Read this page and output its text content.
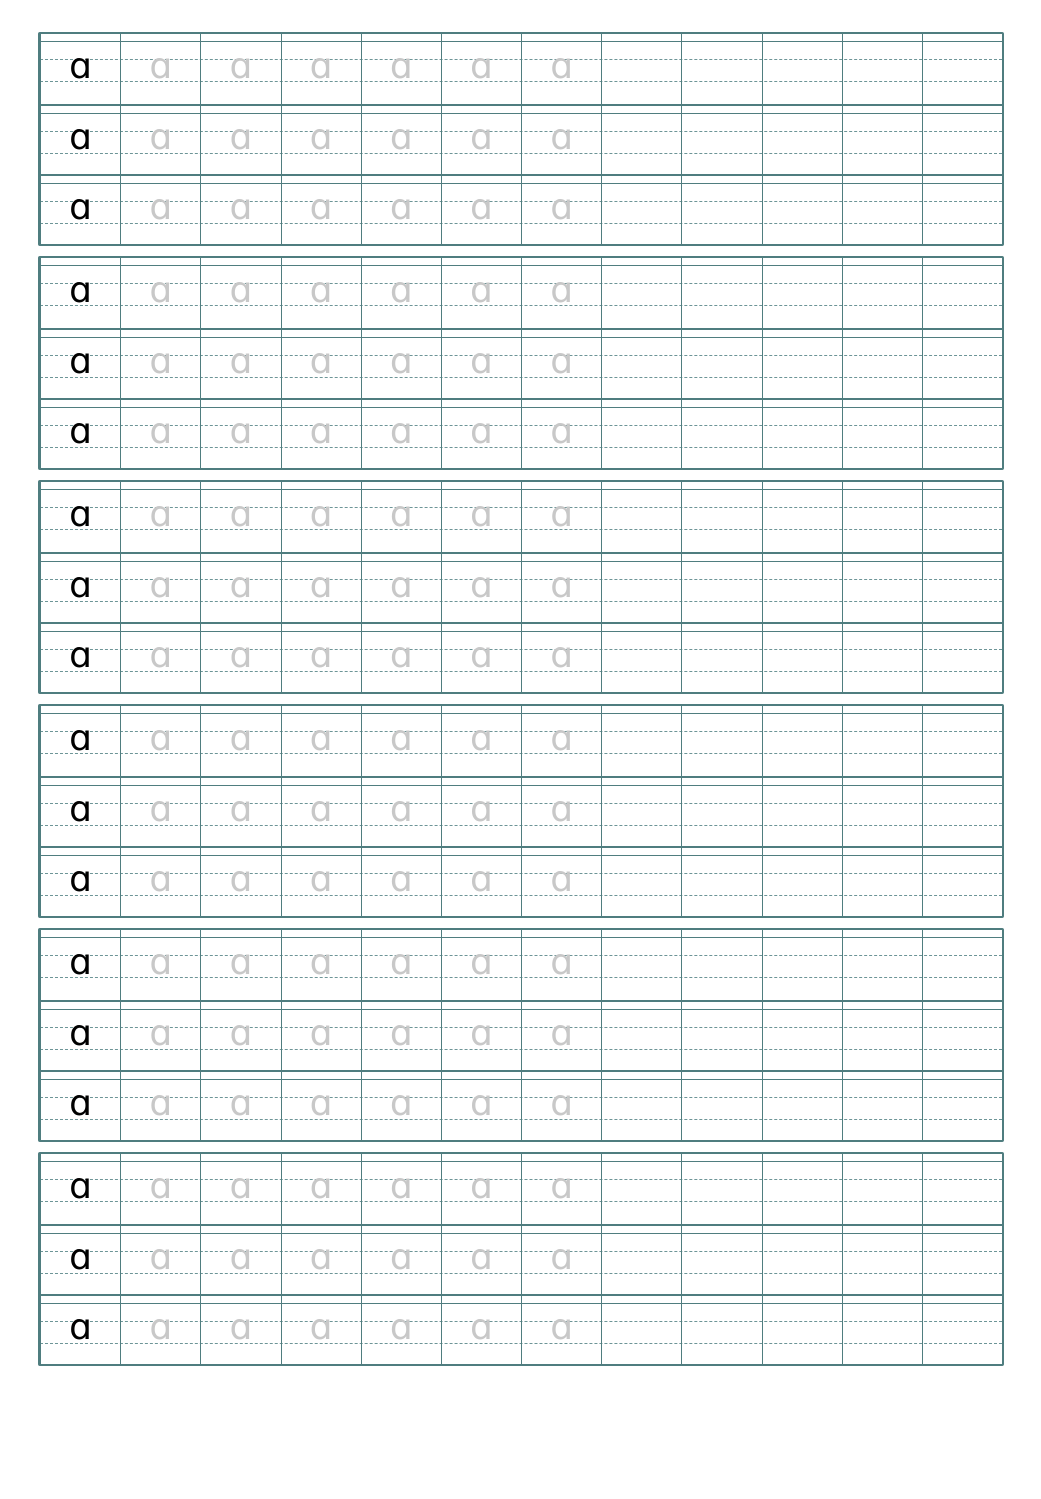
ɑ ɑ ɑ ɑ ɑ ɑ ɑ
ɑ ɑ ɑ ɑ ɑ ɑ ɑ
ɑ ɑ ɑ ɑ ɑ ɑ ɑ
ɑ ɑ ɑ ɑ ɑ ɑ ɑ
ɑ ɑ ɑ ɑ ɑ ɑ ɑ
ɑ ɑ ɑ ɑ ɑ ɑ ɑ
ɑ ɑ ɑ ɑ ɑ ɑ ɑ
ɑ ɑ ɑ ɑ ɑ ɑ ɑ
ɑ ɑ ɑ ɑ ɑ ɑ ɑ
ɑ ɑ ɑ ɑ ɑ ɑ ɑ
ɑ ɑ ɑ ɑ ɑ ɑ ɑ
ɑ ɑ ɑ ɑ ɑ ɑ ɑ
ɑ ɑ ɑ ɑ ɑ ɑ ɑ
ɑ ɑ ɑ ɑ ɑ ɑ ɑ
ɑ ɑ ɑ ɑ ɑ ɑ ɑ
ɑ ɑ ɑ ɑ ɑ ɑ ɑ
ɑ ɑ ɑ ɑ ɑ ɑ ɑ
ɑ ɑ ɑ ɑ ɑ ɑ ɑ
